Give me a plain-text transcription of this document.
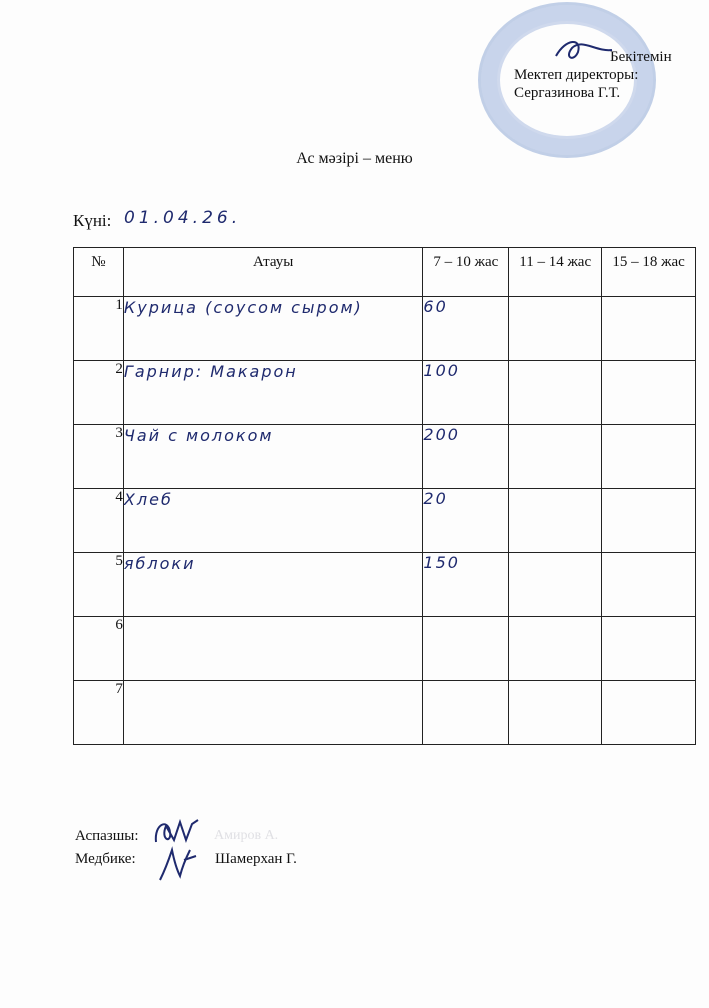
Бекітемін
Мектеп директоры:
Сергазинова Г.Т.
Ас мәзірі – меню
Күні: 01.04.26.
№	Атауы	7 – 10 жас	11 – 14 жас	15 – 18 жас
1	Курица (соусом сыром)	60		
2	Гарнир: Макарон	100		
3	Чай с молоком	200		
4	Хлеб	20		
5	яблоки	150		
6				
7				
Аспазшы:	Амиров А.
Медбике:	Шамерхан Г.
